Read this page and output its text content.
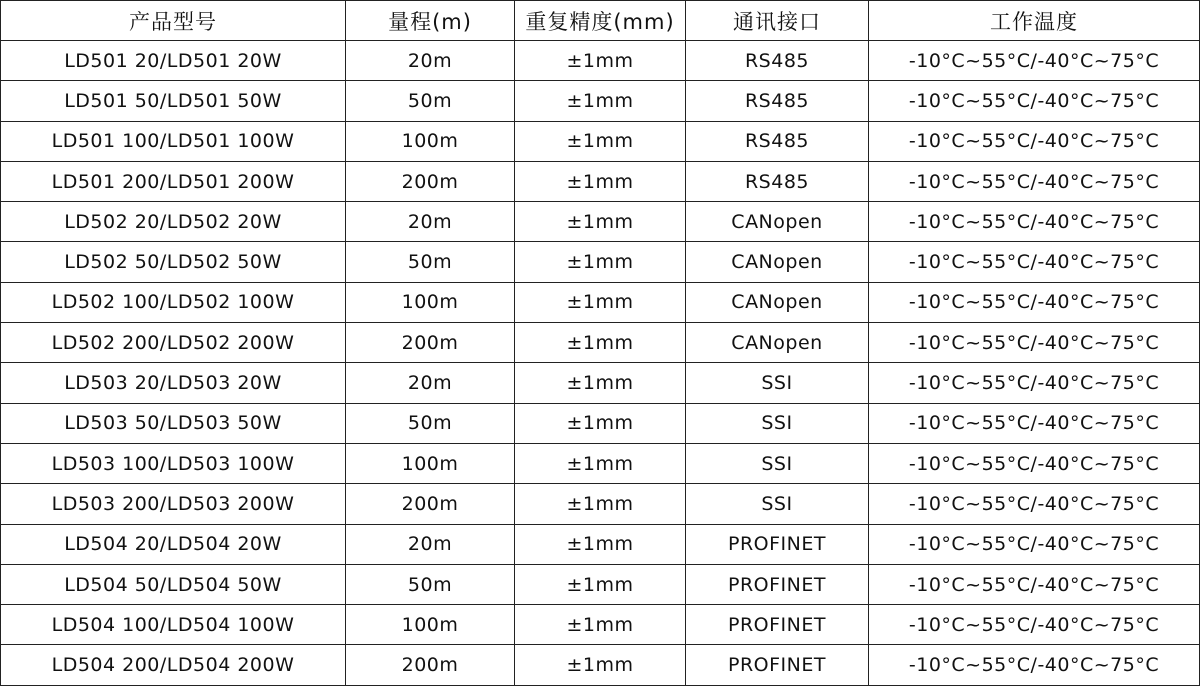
产品型号	量程(m)	重复精度(mm)	通讯接口	工作温度
LD501 20/LD501 20W	20m	±1mm	RS485	-10°C~55°C/-40°C~75°C
LD501 50/LD501 50W	50m	±1mm	RS485	-10°C~55°C/-40°C~75°C
LD501 100/LD501 100W	100m	±1mm	RS485	-10°C~55°C/-40°C~75°C
LD501 200/LD501 200W	200m	±1mm	RS485	-10°C~55°C/-40°C~75°C
LD502 20/LD502 20W	20m	±1mm	CANopen	-10°C~55°C/-40°C~75°C
LD502 50/LD502 50W	50m	±1mm	CANopen	-10°C~55°C/-40°C~75°C
LD502 100/LD502 100W	100m	±1mm	CANopen	-10°C~55°C/-40°C~75°C
LD502 200/LD502 200W	200m	±1mm	CANopen	-10°C~55°C/-40°C~75°C
LD503 20/LD503 20W	20m	±1mm	SSI	-10°C~55°C/-40°C~75°C
LD503 50/LD503 50W	50m	±1mm	SSI	-10°C~55°C/-40°C~75°C
LD503 100/LD503 100W	100m	±1mm	SSI	-10°C~55°C/-40°C~75°C
LD503 200/LD503 200W	200m	±1mm	SSI	-10°C~55°C/-40°C~75°C
LD504 20/LD504 20W	20m	±1mm	PROFINET	-10°C~55°C/-40°C~75°C
LD504 50/LD504 50W	50m	±1mm	PROFINET	-10°C~55°C/-40°C~75°C
LD504 100/LD504 100W	100m	±1mm	PROFINET	-10°C~55°C/-40°C~75°C
LD504 200/LD504 200W	200m	±1mm	PROFINET	-10°C~55°C/-40°C~75°C
